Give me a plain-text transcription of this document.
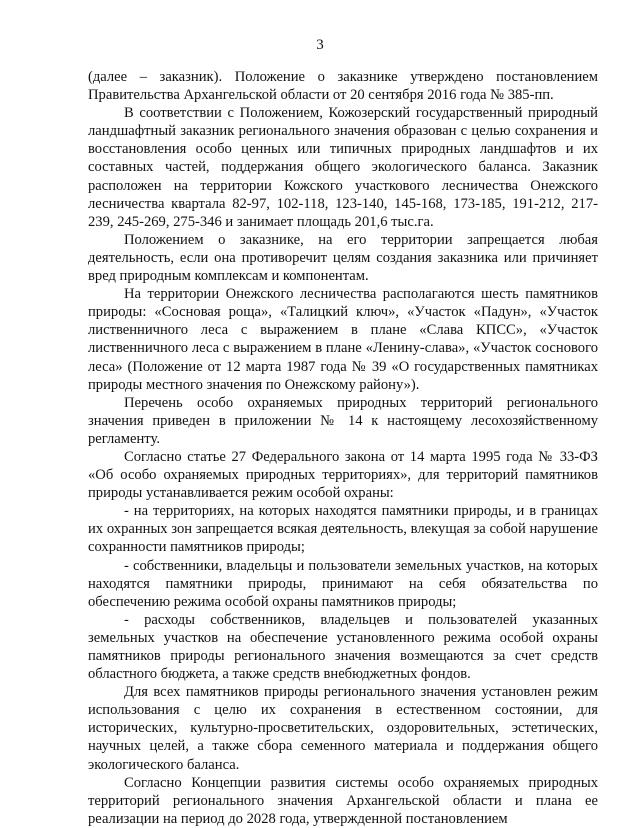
3

(далее – заказник). Положение о заказнике утверждено постановлением Правительства Архангельской области от 20 сентября 2016 года № 385-пп.

В соответствии с Положением, Кожозерский государственный природный ландшафтный заказник регионального значения образован с целью сохранения и восстановления особо ценных или типичных природных ландшафтов и их составных частей, поддержания общего экологического баланса. Заказник расположен на территории Кожского участкового лесничества Онежского лесничества квартала 82-97, 102-118, 123-140, 145-168, 173-185, 191-212, 217-239, 245-269, 275-346 и занимает площадь 201,6 тыс.га.

Положением о заказнике, на его территории запрещается любая деятельность, если она противоречит целям создания заказника или причиняет вред природным комплексам и компонентам.

На территории Онежского лесничества располагаются шесть памятников природы: «Сосновая роща», «Талицкий ключ», «Участок «Падун», «Участок лиственничного леса с выражением в плане «Слава КПСС», «Участок лиственничного леса с выражением в плане «Ленину-слава», «Участок соснового леса» (Положение от 12 марта 1987 года № 39 «О государственных памятниках природы местного значения по Онежскому району»).

Перечень особо охраняемых природных территорий регионального значения приведен в приложении № 14 к настоящему лесохозяйственному регламенту.

Согласно статье 27 Федерального закона от 14 марта 1995 года № 33-ФЗ «Об особо охраняемых природных территориях», для территорий памятников природы устанавливается режим особой охраны:

- на территориях, на которых находятся памятники природы, и в границах их охранных зон запрещается всякая деятельность, влекущая за собой нарушение сохранности памятников природы;

- собственники, владельцы и пользователи земельных участков, на которых находятся памятники природы, принимают на себя обязательства по обеспечению режима особой охраны памятников природы;

- расходы собственников, владельцев и пользователей указанных земельных участков на обеспечение установленного режима особой охраны памятников природы регионального значения возмещаются за счет средств областного бюджета, а также средств внебюджетных фондов.

Для всех памятников природы регионального значения установлен режим использования с целю их сохранения в естественном состоянии, для исторических, культурно-просветительских, оздоровительных, эстетических, научных целей, а также сбора семенного материала и поддержания общего экологического баланса.

Согласно Концепции развития системы особо охраняемых природных территорий регионального значения Архангельской области и плана ее реализации на период до 2028 года, утвержденной постановлением
